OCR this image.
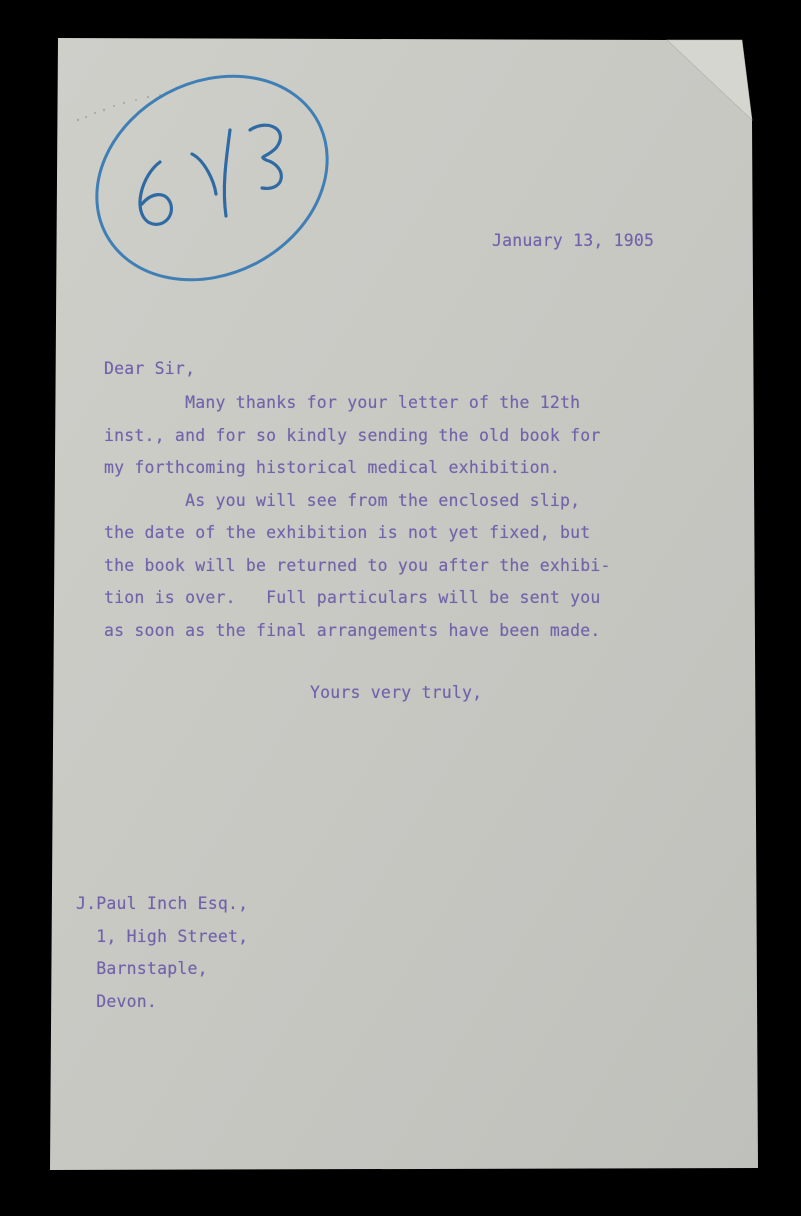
January 13, 1905
Dear Sir,

Many thanks for your letter of the 12th

inst., and for so kindly sending the old book for

my forthcoming historical medical exhibition.

As you will see from the enclosed slip,

the date of the exhibition is not yet fixed, but

the book will be returned to you after the exhibi-

tion is over.   Full particulars will be sent you

as soon as the final arrangements have been made.

Yours very truly,

J.Paul Inch Esq.,

1, High Street,

Barnstaple,

Devon.
